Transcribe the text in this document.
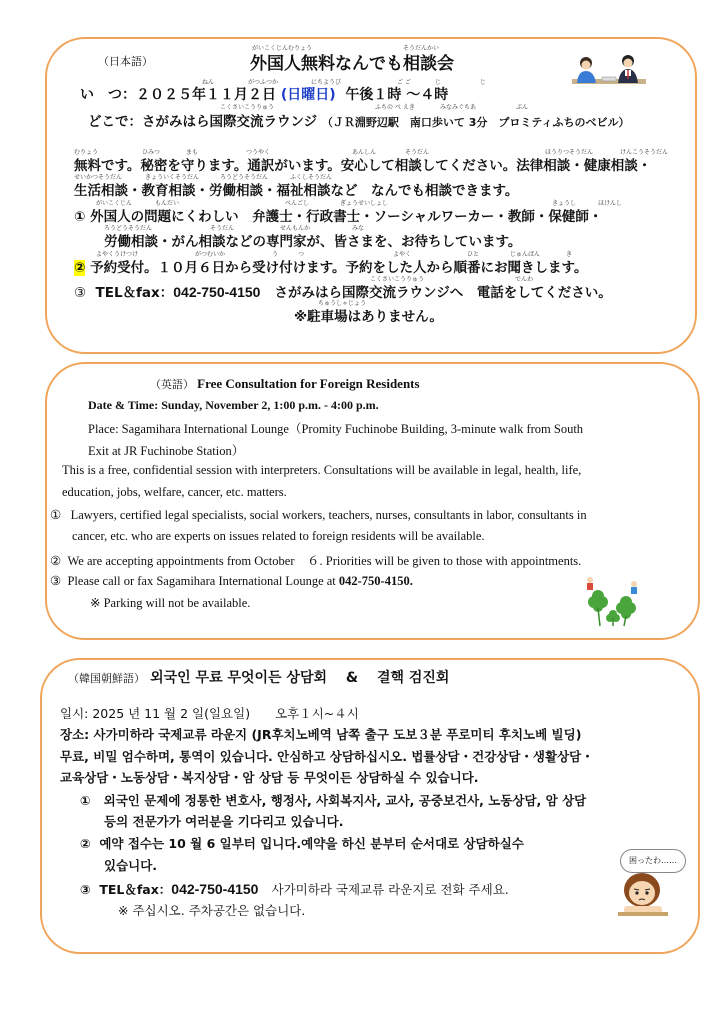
（日本語）
がいこくじんむりょう	そうだんかい
外国人無料なんでも相談会
ねん	がつふつか	にちようび	ご ご	じ	じ
い　つ：２０２５年１１月２日 (日曜日) 午後１時 ～４時
こくさいこうりゅう	ふちの べ えき	みなみぐちあ	ぷん
どこで：さがみはら国際交流ラウンジ （ＪＲ淵野辺駅　南口歩いて 3分　プロミティふちのべビル）
むりょう	ひみつ	まも	つうやく	あんしん	そうだん	ほうりつそうだん	けんこうそうだん
無料です。秘密を守ります。通訳がいます。安心して相談してください。法律相談・健康相談・
せいかつそうだん	きょういくそうだん	ろうどうそうだん	ふくしそうだん
生活相談・教育相談・労働相談・福祉相談など　なんでも相談できます。
がいこくじん	もんだい	べんごし	ぎょうせいしょし	きょうし	ほけんし
① 外国人の問題にくわしい　弁護士・行政書士・ソーシャルワーカー・教師・保健師・
ろうどうそうだん	そうだん	せんもんか	みな
労働相談・がん相談などの専門家が、皆さまを、お待ちしています。
よやくうけつけ	がつむいか	う	つ	よやく	ひと	じゅんばん	き
② 予約受付。１０月６日から受け付けます。予約をした人から順番にお聞きします。
こくさいこうりゅう	でんわ
③ TEL＆fax：042-750-4150 さがみはら国際交流ラウンジへ　電話をしてください。
ちゅうしゃじょう
※駐車場はありません。
（英語） Free Consultation for Foreign Residents
Date & Time: Sunday, November 2, 1:00 p.m. - 4:00 p.m.
Place: Sagamihara International Lounge（Promity Fuchinobe Building, 3-minute walk from South
Exit at JR Fuchinobe Station）
This is a free, confidential session with interpreters. Consultations will be available in legal, health, life,
education, jobs, welfare, cancer, etc. matters.
① Lawyers, certified legal specialists, social workers, teachers, nurses, consultants in labor, consultants in
cancer, etc. who are experts on issues related to foreign residents will be available.
② We are accepting appointments from October　６. Priorities will be given to those with appointments.
③ Please call or fax Sagamihara International Lounge at 042-750-4150.
※ Parking will not be available.
（韓国朝鮮語） 외국인 무료 무엇이든 상담회　 &　 결핵 검진회
일시: 2025 년 11 월 2 일(일요일)　　오후１시~４시
장소: 사가미하라 국제교류 라운지 (JR후치노베역 남쪽 출구 도보３분 푸로미티 후치노베 빌딩)
무료, 비밀 엄수하며, 통역이 있습니다. 안심하고 상담하십시오. 법률상담・건강상담・생활상담・
교육상담・노동상담・복지상담・암 상담 등 무엇이든 상담하실 수 있습니다.
① 외국인 문제에 정통한 변호사, 행정사, 사회복지사, 교사, 공중보건사, 노동상담, 암 상담
등의 전문가가 여러분을 기다리고 있습니다.
② 예약 접수는 10 월 6 일부터 입니다.예약을 하신 분부터 순서대로 상담하실수
있습니다.
③ TEL＆fax：042-750-4150 사가미하라 국제교류 라운지로 전화 주세요.
※ 주십시오. 주차공간은 없습니다.
困ったわ……
